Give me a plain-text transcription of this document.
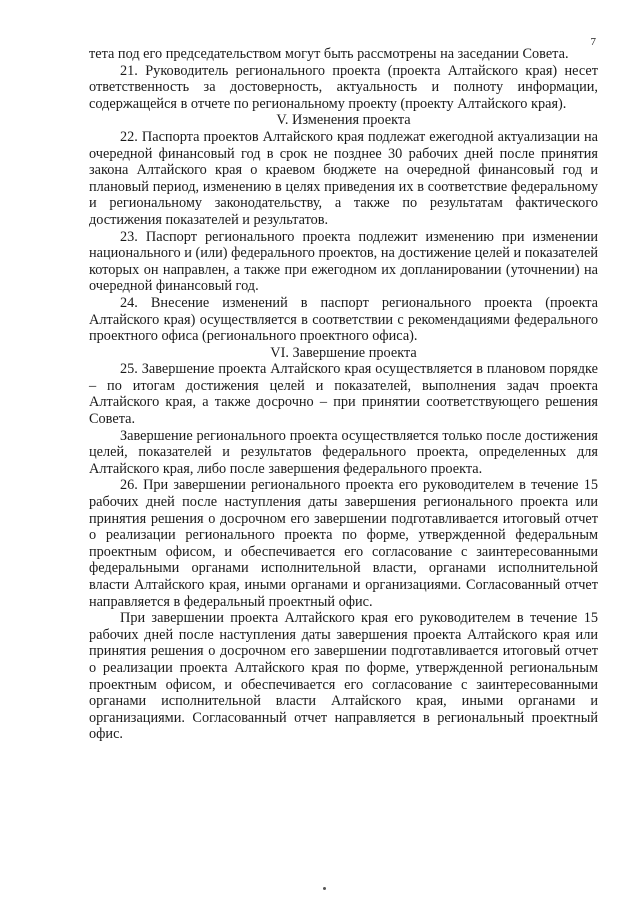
7

тета под его председательством могут быть рассмотрены на заседании Совета.

21. Руководитель регионального проекта (проекта Алтайского края) несет ответственность за достоверность, актуальность и полноту информации, содержащейся в отчете по региональному проекту (проекту Алтайского края).

V. Изменения проекта

22. Паспорта проектов Алтайского края подлежат ежегодной актуализации на очередной финансовый год в срок не позднее 30 рабочих дней после принятия закона Алтайского края о краевом бюджете на очередной финансовый год и плановый период, изменению в целях приведения их в соответствие федеральному и региональному законодательству, а также по результатам фактического достижения показателей и результатов.

23. Паспорт регионального проекта подлежит изменению при изменении национального и (или) федерального проектов, на достижение целей и показателей которых он направлен, а также при ежегодном их допланировании (уточнении) на очередной финансовый год.

24. Внесение изменений в паспорт регионального проекта (проекта Алтайского края) осуществляется в соответствии с рекомендациями федерального проектного офиса (регионального проектного офиса).

VI. Завершение проекта

25. Завершение проекта Алтайского края осуществляется в плановом порядке – по итогам достижения целей и показателей, выполнения задач проекта Алтайского края, а также досрочно – при принятии соответствующего решения Совета.

Завершение регионального проекта осуществляется только после достижения целей, показателей и результатов федерального проекта, определенных для Алтайского края, либо после завершения федерального проекта.

26. При завершении регионального проекта его руководителем в течение 15 рабочих дней после наступления даты завершения регионального проекта или принятия решения о досрочном его завершении подготавливается итоговый отчет о реализации регионального проекта по форме, утвержденной федеральным проектным офисом, и обеспечивается его согласование с заинтересованными федеральными органами исполнительной власти, органами исполнительной власти Алтайского края, иными органами и организациями. Согласованный отчет направляется в федеральный проектный офис.

При завершении проекта Алтайского края его руководителем в течение 15 рабочих дней после наступления даты завершения проекта Алтайского края или принятия решения о досрочном его завершении подготавливается итоговый отчет о реализации проекта Алтайского края по форме, утвержденной региональным проектным офисом, и обеспечивается его согласование с заинтересованными органами исполнительной власти Алтайского края, иными органами и организациями. Согласованный отчет направляется в региональный проектный офис.
